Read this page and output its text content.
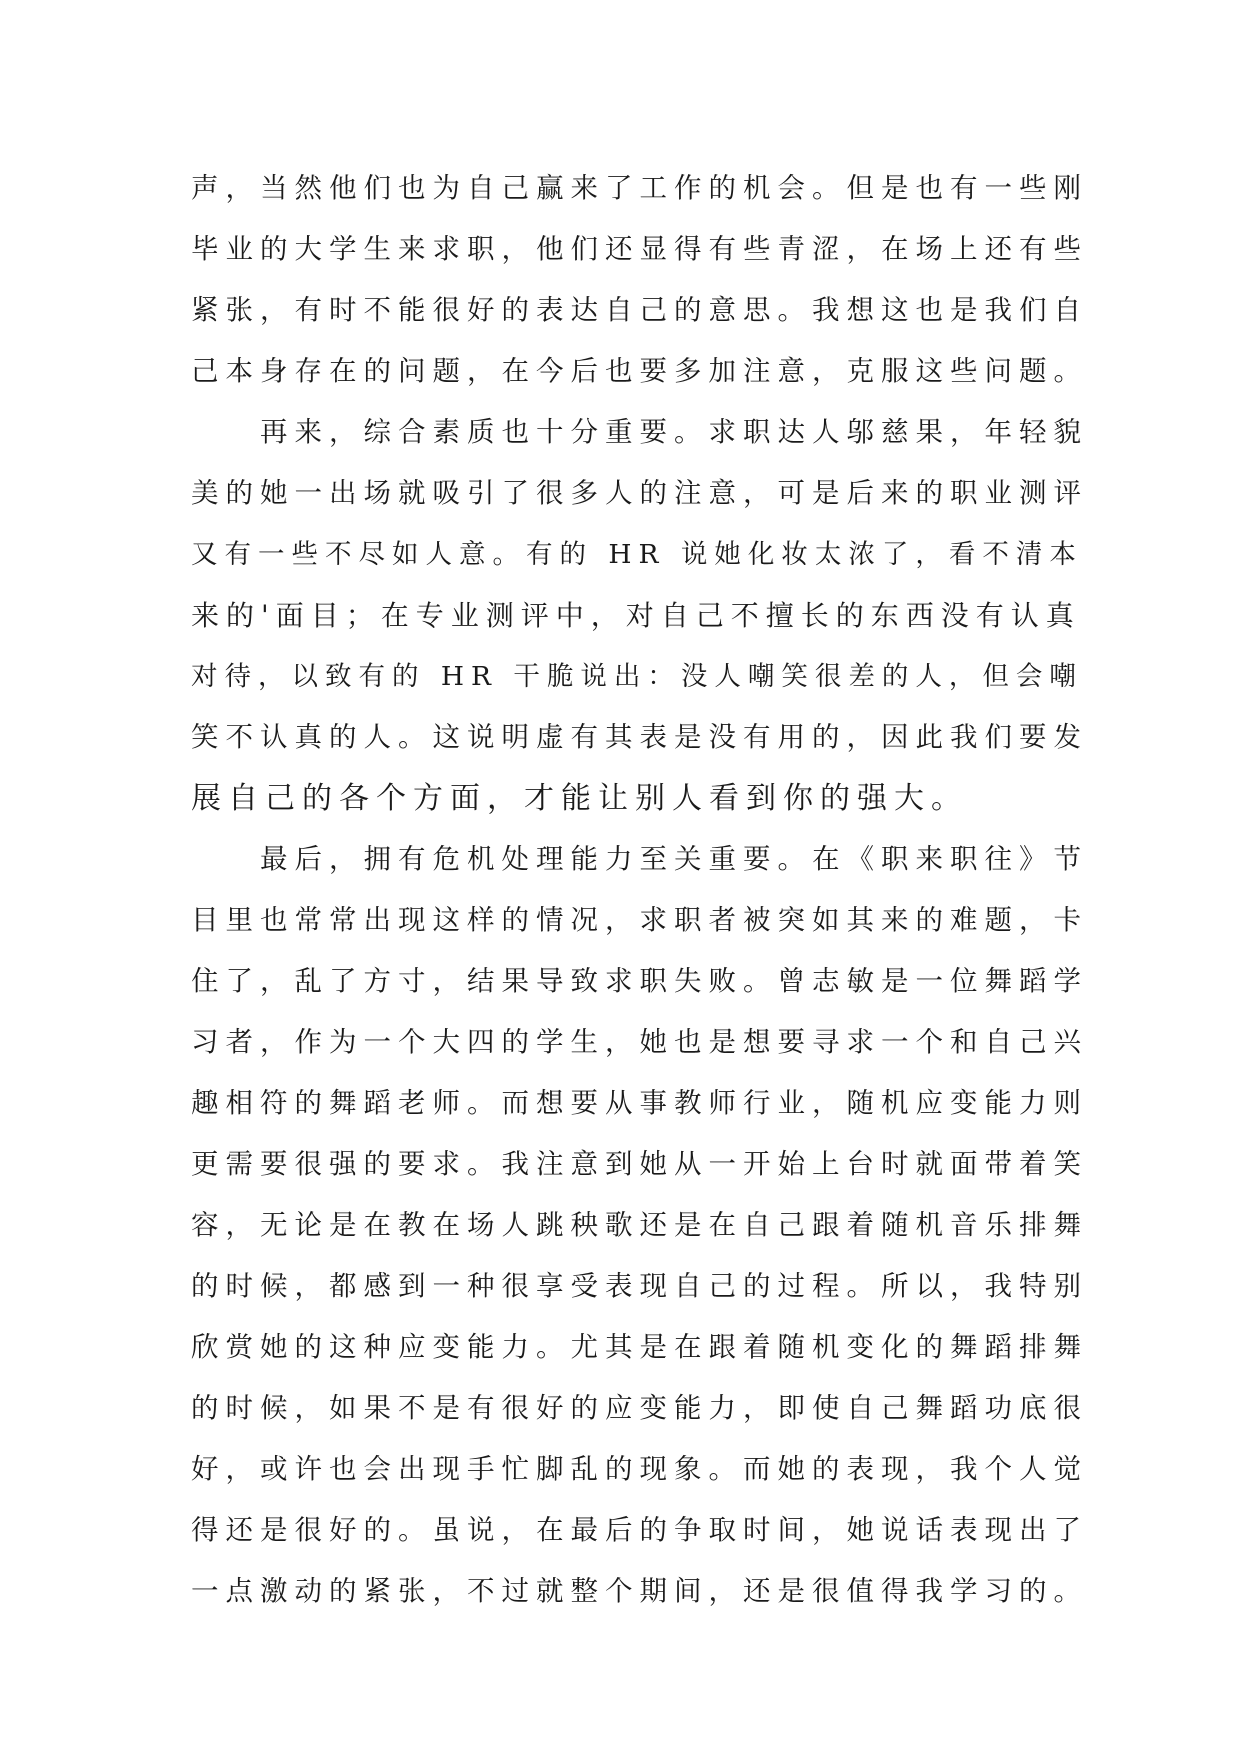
声，当然他们也为自己赢来了工作的机会。但是也有一些刚
毕业的大学生来求职，他们还显得有些青涩，在场上还有些
紧张，有时不能很好的表达自己的意思。我想这也是我们自
己本身存在的问题，在今后也要多加注意，克服这些问题。
　　再来，综合素质也十分重要。求职达人邬慈果，年轻貌
美的她一出场就吸引了很多人的注意，可是后来的职业测评
又有一些不尽如人意。有的 HR 说她化妆太浓了，看不清本
来的'面目；在专业测评中，对自己不擅长的东西没有认真
对待，以致有的 HR 干脆说出：没人嘲笑很差的人，但会嘲
笑不认真的人。这说明虚有其表是没有用的，因此我们要发
展自己的各个方面，才能让别人看到你的强大。
　　最后，拥有危机处理能力至关重要。在《职来职往》节
目里也常常出现这样的情况，求职者被突如其来的难题，卡
住了，乱了方寸，结果导致求职失败。曾志敏是一位舞蹈学
习者，作为一个大四的学生，她也是想要寻求一个和自己兴
趣相符的舞蹈老师。而想要从事教师行业，随机应变能力则
更需要很强的要求。我注意到她从一开始上台时就面带着笑
容，无论是在教在场人跳秧歌还是在自己跟着随机音乐排舞
的时候，都感到一种很享受表现自己的过程。所以，我特别
欣赏她的这种应变能力。尤其是在跟着随机变化的舞蹈排舞
的时候，如果不是有很好的应变能力，即使自己舞蹈功底很
好，或许也会出现手忙脚乱的现象。而她的表现，我个人觉
得还是很好的。虽说，在最后的争取时间，她说话表现出了
一点激动的紧张，不过就整个期间，还是很值得我学习的。
